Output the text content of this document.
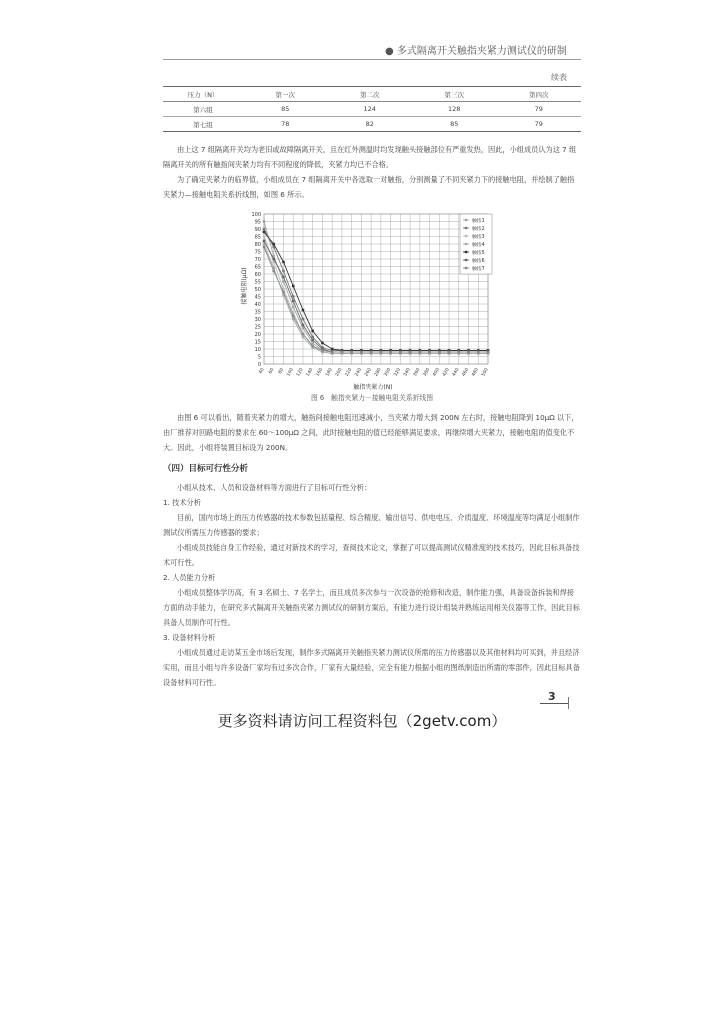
● 多式隔离开关触指夹紧力测试仪的研制
续表
压力（N）	第一次	第二次	第三次	第四次
第六组	85	124	128	79
第七组	78	82	85	79

由上这 7 组隔离开关均为老旧或故障隔离开关，且在红外测温时均发现触头接触部位有严重发热，因此，小组成员认为这 7 组隔离开关的所有触指间夹紧力均有不同程度的降低，夹紧力均已不合格。

为了确定夹紧力的临界值，小组成员在 7 组隔离开关中各选取一对触指，分别测量了不同夹紧力下的接触电阻，并绘制了触指夹紧力—接触电阻关系折线图，如图 6 所示。

0
5
10
15
20
25
30
35
40
45
50
55
60
65
70
75
80
85
90
95
100
40 60 80 100 120 140 160 180 200 220 240 260 280 300 320 340 360 380 400 420 440 460 480 500
触指1
触指2
触指3
触指4
触指5
触指6
触指7
接触电阻(μΩ)
触指夹紧力(N)
图 6　触指夹紧力－接触电阻关系折线图

由图 6 可以看出，随着夹紧力的增大，触指间接触电阻迅速减小，当夹紧力增大到 200N 左右时，接触电阻降到 10μΩ 以下，由厂推荐对回路电阻的要求在 60～100μΩ 之间，此时接触电阻的值已经能够满足要求，再继续增大夹紧力，接触电阻的值变化不大。因此，小组将装置目标设为 200N。

（四）目标可行性分析

小组从技术、人员和设备材料等方面进行了目标可行性分析：

1. 技术分析

目前，国内市场上的压力传感器的技术参数包括量程、综合精度、输出信号、供电电压、介质温度、环境温度等均满足小组制作测试仪所需压力传感器的要求；

小组成员技能自身工作经验，通过对新技术的学习，查阅技术论文，掌握了可以提高测试仪精准度的技术技巧，因此目标具备技术可行性。

2. 人员能力分析

小组成员整体学历高，有 3 名硕士、7 名学士，而且成员多次参与一次设备的抢修和改造，制作能力强，具备设备拆装和焊接方面的动手能力，在研究多式隔离开关触指夹紧力测试仪的研制方案后，有能力进行设计组装并熟练运用相关仪器等工作，因此目标具备人员制作可行性。

3. 设备材料分析

小组成员通过走访某五金市场后发现，制作多式隔离开关触指夹紧力测试仪所需的压力传感器以及其他材料均可买到，并且经济实用，而且小组与许多设备厂家均有过多次合作，厂家有大量经验，完全有能力根据小组的图纸制造出所需的零部件，因此目标具备设备材料可行性。

3
更多资料请访问工程资料包（2getv.com）
